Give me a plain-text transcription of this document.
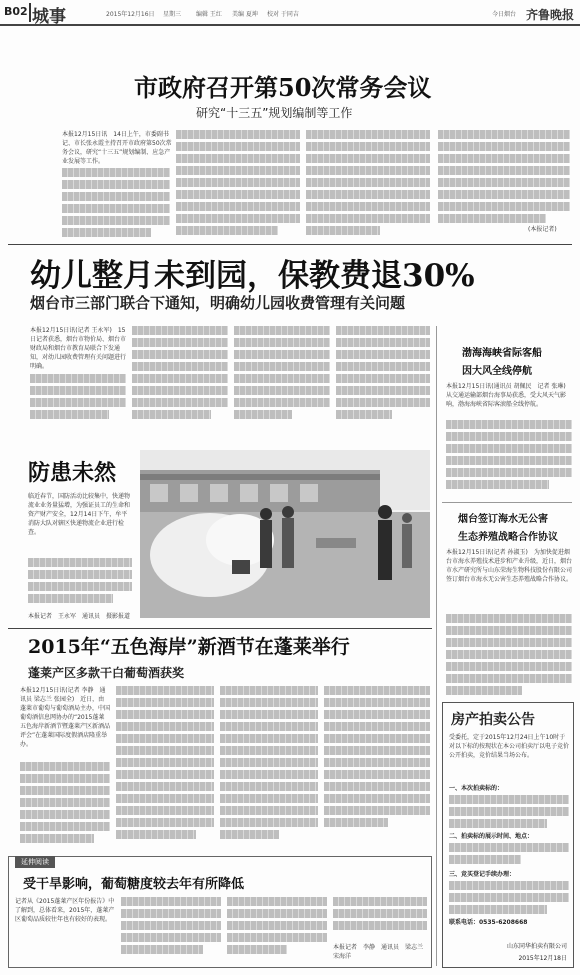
B02 城事	2015年12月16日 星期三 编辑 王红 美编 夏坤 校对 于同吉	今日烟台 齐鲁晚报
市政府召开第50次常务会议
研究“十三五”规划编制等工作
本报12月15日讯　14日上午，市委副书记、市长张永霞主持召开市政府第50次常务会议，研究“十三五”规划编制、应急产业发展等工作。
(本报记者)
幼儿整月未到园，保教费退30%
烟台市三部门联合下通知，明确幼儿园收费管理有关问题
本报12月15日讯(记者 王永军)　15日记者获悉，烟台市物价局、烟台市财政局和烟台市教育局联合下发通知，对幼儿园收费管理有关问题进行明确。
渤海海峡省际客船
因大风全线停航
本报12月15日讯(通讯员 胡佩民　记者 张琳)　从交通运输部烟台海事局获悉，受大风天气影响，渤海海峡省际客滚船全线停航。
防患未然
临近春节，国防活动比较集中，快递物流业业务量猛增，为强证员工的生命和资产财产安全，12月14日下午，牟平消防大队对辖区快递物流企业进行检查。
本报记者　王永军　通讯员　摄影报道
烟台签订海水无公害
生态养殖战略合作协议
本报12月15日讯(记者 孙淑玉)　为加快促进烟台市海水养殖技术进步和产业升级，近日，烟台市水产研究所与山东荣海生物科技股份有限公司签订烟台市海水无公害生态养殖战略合作协议。
2015年“五色海岸”新酒节在蓬莱举行
蓬莱产区多款干白葡萄酒获奖
本报12月15日讯(记者 李静　通讯员 梁志兰 张园全)　近日，由蓬莱市葡萄与葡萄酒局主办，中国葡萄酒信息网协办的“2015蓬莱五色海岸新酒节暨蓬莱产区新酒品评会”在蓬莱国际度假酒店隆重举办。
房产拍卖公告
受委托，定于2015年12月24日上午10时于对以下标的按现状在本公司拍卖厅以电子竞价公开拍卖，竞价结果当场公布。
一、本次拍卖标的：
二、拍卖标的展示时间、地点：
三、竞买登记手续办理：
联系电话：0535-6208668
山东同华拍卖有限公司
2015年12月18日
延伸阅读
受干旱影响，葡萄糖度较去年有所降低
记者从《2015蓬莱产区年份报告》中了解到，总体看来，2015年，蓬莱产区葡萄品质较往年也有较好的表现。
本报记者　李静　通讯员　梁志兰　宋海洋
